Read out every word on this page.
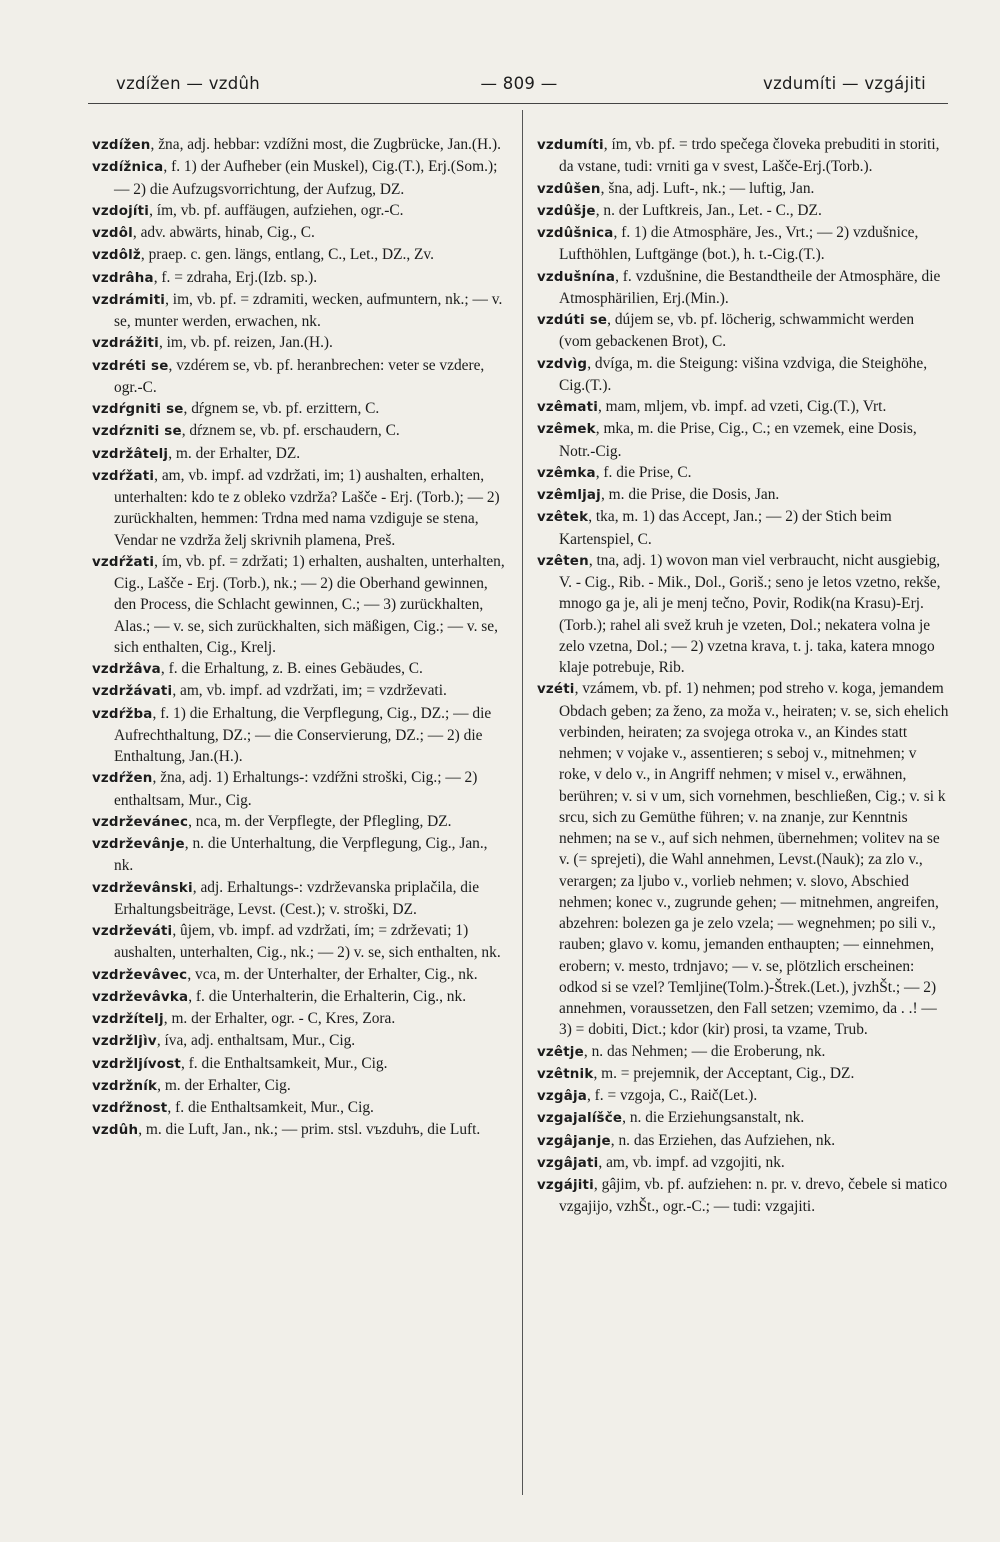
vzdížen — vzdûh	— 809 —	vzdumíti — vzgájiti
vzdížen, žna, adj. hebbar: vzdížni most, die Zugbrücke, Jan.(H.).
vzdížnica, f. 1) der Aufheber (ein Muskel), Cig.(T.), Erj.(Som.); — 2) die Aufzugsvorrichtung, der Aufzug, DZ.
vzdojíti, ím, vb. pf. auffäugen, aufziehen, ogr.-C.
vzdôl, adv. abwärts, hinab, Cig., C.
vzdôlž, praep. c. gen. längs, entlang, C., Let., DZ., Zv.
vzdrâha, f. = zdraha, Erj.(Izb. sp.).
vzdrámiti, im, vb. pf. = zdramiti, wecken, aufmuntern, nk.; — v. se, munter werden, erwachen, nk.
vzdrážiti, im, vb. pf. reizen, Jan.(H.).
vzdréti se, vzdérem se, vb. pf. heranbrechen: veter se vzdere, ogr.-C.
vzdŕgniti se, dŕgnem se, vb. pf. erzittern, C.
vzdŕzniti se, dŕznem se, vb. pf. erschaudern, C.
vzdržâtelj, m. der Erhalter, DZ.
vzdŕžati, am, vb. impf. ad vzdržati, im; 1) aushalten, erhalten, unterhalten: kdo te z obleko vzdrža? Lašče - Erj. (Torb.); — 2) zurückhalten, hemmen: Trdna med nama vzdiguje se stena, Vendar ne vzdrža želj skrivnih plamena, Preš.
vzdŕžati, ím, vb. pf. = zdržati; 1) erhalten, aushalten, unterhalten, Cig., Lašče - Erj. (Torb.), nk.; — 2) die Oberhand gewinnen, den Process, die Schlacht gewinnen, C.; — 3) zurückhalten, Alas.; — v. se, sich zurückhalten, sich mäßigen, Cig.; — v. se, sich enthalten, Cig., Krelj.
vzdržâva, f. die Erhaltung, z. B. eines Gebäudes, C.
vzdržávati, am, vb. impf. ad vzdržati, im; = vzdrževati.
vzdŕžba, f. 1) die Erhaltung, die Verpflegung, Cig., DZ.; — die Aufrechthaltung, DZ.; — die Conservierung, DZ.; — 2) die Enthaltung, Jan.(H.).
vzdŕžen, žna, adj. 1) Erhaltungs-: vzdŕžni stroški, Cig.; — 2) enthaltsam, Mur., Cig.
vzdrževánec, nca, m. der Verpflegte, der Pflegling, DZ.
vzdrževânje, n. die Unterhaltung, die Verpflegung, Cig., Jan., nk.
vzdrževânski, adj. Erhaltungs-: vzdrževanska priplačila, die Erhaltungsbeiträge, Levst. (Cest.); v. stroški, DZ.
vzdrževáti, ûjem, vb. impf. ad vzdržati, ím; = zdrževati; 1) aushalten, unterhalten, Cig., nk.; — 2) v. se, sich enthalten, nk.
vzdrževâvec, vca, m. der Unterhalter, der Erhalter, Cig., nk.
vzdrževâvka, f. die Unterhalterin, die Erhalterin, Cig., nk.
vzdržítelj, m. der Erhalter, ogr. - C, Kres, Zora.
vzdržljìv, íva, adj. enthaltsam, Mur., Cig.
vzdržljívost, f. die Enthaltsamkeit, Mur., Cig.
vzdržník, m. der Erhalter, Cig.
vzdŕžnost, f. die Enthaltsamkeit, Mur., Cig.
vzdûh, m. die Luft, Jan., nk.; — prim. stsl. vъzduhъ, die Luft.
vzdumíti, ím, vb. pf. = trdo spečega človeka prebuditi in storiti, da vstane, tudi: vrniti ga v svest, Lašče-Erj.(Torb.).
vzdûšen, šna, adj. Luft-, nk.; — luftig, Jan.
vzdûšje, n. der Luftkreis, Jan., Let. - C., DZ.
vzdûšnica, f. 1) die Atmosphäre, Jes., Vrt.; — 2) vzdušnice, Lufthöhlen, Luftgänge (bot.), h. t.-Cig.(T.).
vzdušnína, f. vzdušnine, die Bestandtheile der Atmosphäre, die Atmosphärilien, Erj.(Min.).
vzdúti se, dújem se, vb. pf. löcherig, schwammicht werden (vom gebackenen Brot), C.
vzdvìg, dvíga, m. die Steigung: višina vzdviga, die Steighöhe, Cig.(T.).
vzêmati, mam, mljem, vb. impf. ad vzeti, Cig.(T.), Vrt.
vzêmek, mka, m. die Prise, Cig., C.; en vzemek, eine Dosis, Notr.-Cig.
vzêmka, f. die Prise, C.
vzêmljaj, m. die Prise, die Dosis, Jan.
vzêtek, tka, m. 1) das Accept, Jan.; — 2) der Stich beim Kartenspiel, C.
vzêten, tna, adj. 1) wovon man viel verbraucht, nicht ausgiebig, V. - Cig., Rib. - Mik., Dol., Goriš.; seno je letos vzetno, rekše, mnogo ga je, ali je menj tečno, Povir, Rodik(na Krasu)-Erj.(Torb.); rahel ali svež kruh je vzeten, Dol.; nekatera volna je zelo vzetna, Dol.; — 2) vzetna krava, t. j. taka, katera mnogo klaje potrebuje, Rib.
vzéti, vzámem, vb. pf. 1) nehmen; pod streho v. koga, jemandem Obdach geben; za ženo, za moža v., heiraten; v. se, sich ehelich verbinden, heiraten; za svojega otroka v., an Kindes statt nehmen; v vojake v., assentieren; s seboj v., mitnehmen; v roke, v delo v., in Angriff nehmen; v misel v., erwähnen, berühren; v. si v um, sich vornehmen, beschließen, Cig.; v. si k srcu, sich zu Gemüthe führen; v. na znanje, zur Kenntnis nehmen; na se v., auf sich nehmen, übernehmen; volitev na se v. (= sprejeti), die Wahl annehmen, Levst.(Nauk); za zlo v., verargen; za ljubo v., vorlieb nehmen; v. slovo, Abschied nehmen; konec v., zugrunde gehen; — mitnehmen, angreifen, abzehren: bolezen ga je zelo vzela; — wegnehmen; po sili v., rauben; glavo v. komu, jemanden enthaupten; — einnehmen, erobern; v. mesto, trdnjavo; — v. se, plötzlich erscheinen: odkod si se vzel? Temljine(Tolm.)-Štrek.(Let.), jvzhŠt.; — 2) annehmen, voraussetzen, den Fall setzen; vzemimo, da . .! — 3) = dobiti, Dict.; kdor (kir) prosi, ta vzame, Trub.
vzêtje, n. das Nehmen; — die Eroberung, nk.
vzêtnik, m. = prejemnik, der Acceptant, Cig., DZ.
vzgâja, f. = vzgoja, C., Raič(Let.).
vzgajalíšče, n. die Erziehungsanstalt, nk.
vzgâjanje, n. das Erziehen, das Aufziehen, nk.
vzgâjati, am, vb. impf. ad vzgojiti, nk.
vzgájiti, gâjim, vb. pf. aufziehen: n. pr. v. drevo, čebele si matico vzgajijo, vzhŠt., ogr.-C.; — tudi: vzgajiti.
